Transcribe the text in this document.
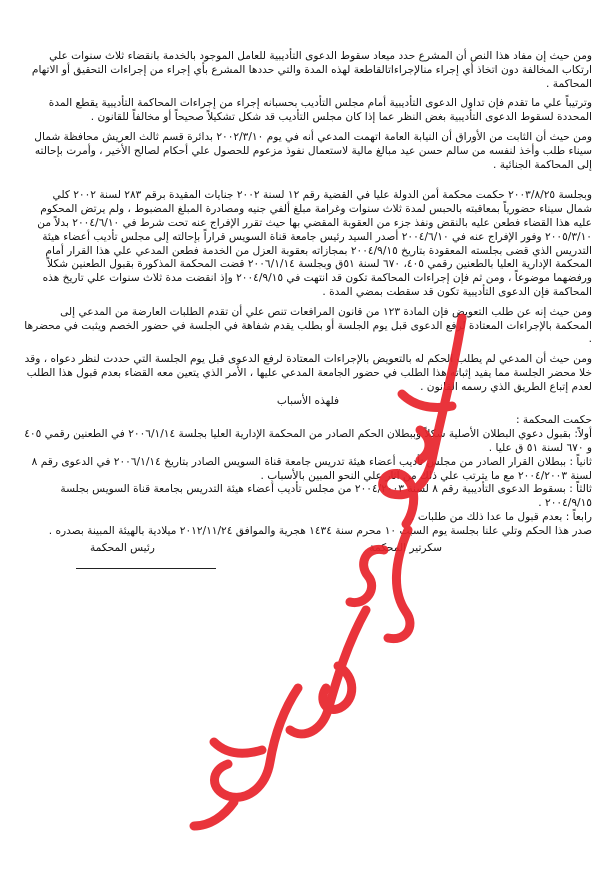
ومن حيث إن مفاد هذا النص أن المشرع حدد ميعاد سقوط الدعوى التأديبية للعامل الموجود بالخدمة بانقضاء ثلاث سنوات علي ارتكاب المخالفة دون اتخاذ أي إجراء منالإجراءاتالقاطعة لهذه المدة والتي حددها المشرع بأي إجراء من إجراءات التحقيق أو الاتهام المحاكمة .

وترتيباً علي ما تقدم فإن تداول الدعوى التأديبية أمام مجلس التأديب بحسبانه إجراء من إجراءات المحاكمة التأديبية يقطع المدة المحددة لسقوط الدعوى التأديبية بغض النظر عما إذا كان مجلس التأديب قد شكل تشكيلاً صحيحاً أو مخالفاً للقانون .

ومن حيث أن الثابت من الأوراق أن النيابة العامة اتهمت المدعي أنه في يوم ٢٠٠٢/٣/١٠ بدائرة قسم ثالث العريش محافظة شمال سيناء طلب وأخذ لنفسه من سالم حسن عيد مبالغ مالية لاستعمال نفوذ مزعوم للحصول علي أحكام لصالح الأخير ، وأمرت بإحالته إلى المحاكمة الجنائية .

وبجلسة ٢٠٠٣/٨/٢٥ حكمت محكمة أمن الدولة عليا في القضية رقم ١٢ لسنة ٢٠٠٢ جنايات المقيدة برقم ٢٨٣ لسنة ٢٠٠٢ كلي شمال سيناء حضورياً بمعاقبته بالحبس لمدة ثلاث سنوات وغرامة مبلغ ألفي جنيه ومصادرة المبلغ المضبوط ، ولم يرتض المحكوم عليه هذا القضاء فطعن عليه بالنقض ونفذ جزء من العقوبة المقضي بها حيث تقرر الإفراج عنه تحت شرط في ٢٠٠٤/٦/١٠ بدلاً من ٢٠٠٥/٣/١٠ وفور الإفراج عنه في ٢٠٠٤/٦/١٠ أصدر السيد رئيس جامعة قناة السويس قراراً بإحالته إلى مجلس تأديب أعضاء هيئة التدريس الذي قضى بجلسته المعقودة بتاريخ ٢٠٠٤/٩/١٥ بمجازاته بعقوبة العزل من الخدمة فطعن المدعي علي هذا القرار أمام المحكمة الإدارية العليا بالطعنين رقمي ٤٠٥، ٦٧٠ لسنة ٥١ق وبجلسة ٢٠٠٦/١/١٤ قضت المحكمة المذكورة بقبول الطعنين شكلاً ورفضهما موضوعاً ، ومن ثم فإن إجراءات المحاكمة تكون قد انتهت في ٢٠٠٤/٩/١٥ وإذ انقضت مدة ثلاث سنوات علي تاريخ هذه المحاكمة فإن الدعوى التأديبية تكون قد سقطت بمضي المدة .

ومن حيث إنه عن طلب التعويض فإن المادة ١٢٣ من قانون المرافعات تنص علي أن تقدم الطلبات العارضة من المدعي إلى المحكمة بالإجراءات المعتادة لرفع الدعوى قبل يوم الجلسة أو بطلب يقدم شفاهة في الجلسة في حضور الخصم ويثبت في محضرها .

ومن حيث أن المدعي لم يطلب الحكم له بالتعويض بالإجراءات المعتادة لرفع الدعوى قبل يوم الجلسة التي حددت لنظر دعواه ، وقد خلا محضر الجلسة مما يفيد إثباته هذا الطلب في حضور الجامعة المدعي عليها ، الأمر الذي يتعين معه القضاء بعدم قبول هذا الطلب لعدم إتباع الطريق الذي رسمه القانون .

فلهذه الأسباب

حكمت المحكمة :

أولاً: بقبول دعوي البطلان الأصلية شكلاً وببطلان الحكم الصادر من المحكمة الإدارية العليا بجلسة ٢٠٠٦/١/١٤ في الطعنين رقمي ٤٠٥ و ٦٧٠ لسنة ٥١ ق عليا .

ثانياً : ببطلان القرار الصادر من مجلس تأديب أعضاء هيئة تدريس جامعة قناة السويس الصادر بتاريخ ٢٠٠٦/١/١٤ في الدعوى رقم ٨ لسنة ٢٠٠٤/٢٠٠٣ مع ما يترتب علي ذلك من آثار علي النحو المبين بالأسباب .

ثالثاً : بسقوط الدعوى التأديبية رقم ٨ لسنة ٢٠٠٤/٢٠٠٣ من مجلس تأديب أعضاء هيئة التدريس بجامعة قناة السويس بجلسة ٢٠٠٤/٩/١٥ .

رابعاً : بعدم قبول ما عدا ذلك من طلبات .

صدر هذا الحكم وتلي علنا بجلسة يوم السبت ١٠ محرم سنة ١٤٣٤ هجرية والموافق ٢٠١٢/١١/٢٤ ميلادية بالهيئة المبينة بصدره .

سكرتير المحكمة
رئيس المحكمة
